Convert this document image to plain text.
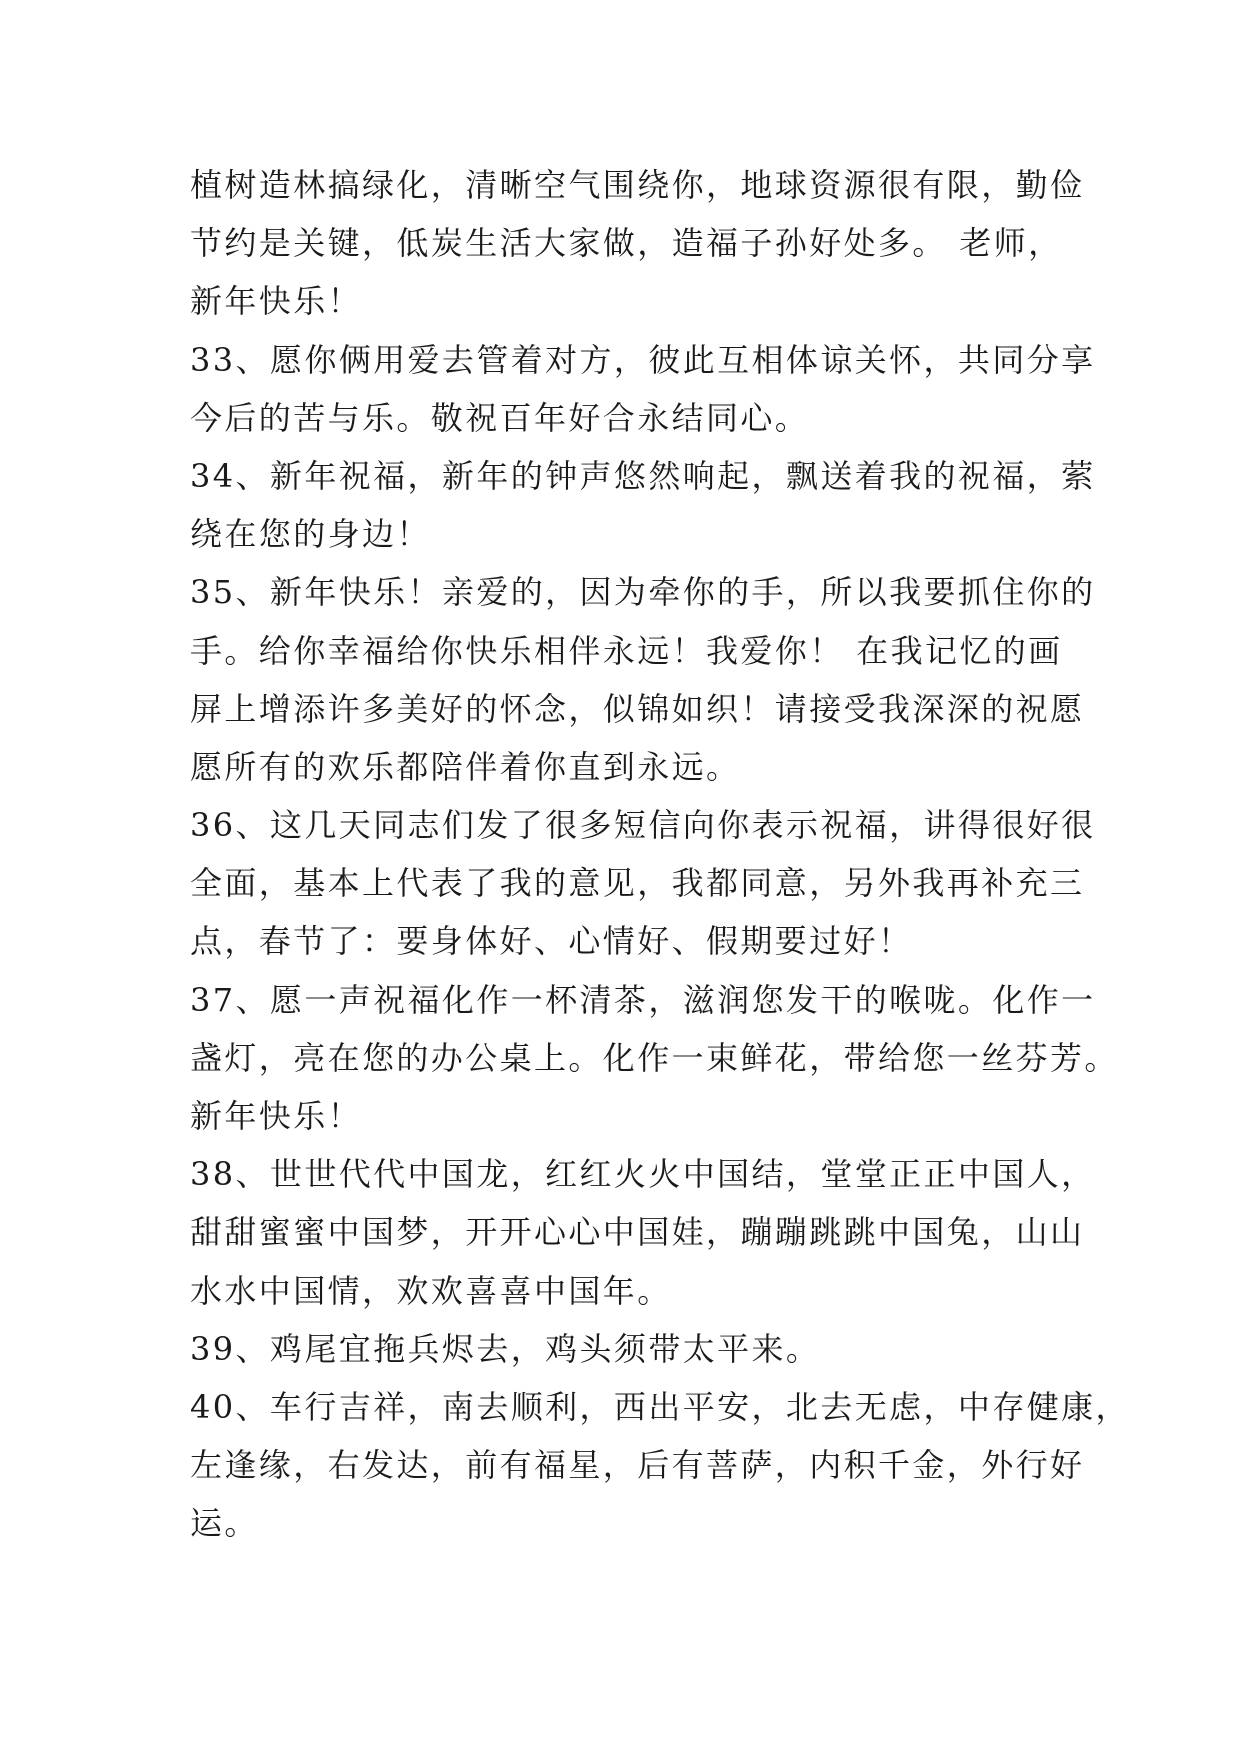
植树造林搞绿化，清晰空气围绕你，地球资源很有限，勤俭
节约是关键，低炭生活大家做，造福子孙好处多。 老师，
新年快乐！
33、愿你俩用爱去管着对方，彼此互相体谅关怀，共同分享
今后的苦与乐。敬祝百年好合永结同心。
34、新年祝福，新年的钟声悠然响起，飘送着我的祝福，萦
绕在您的身边！
35、新年快乐！亲爱的，因为牵你的手，所以我要抓住你的
手。给你幸福给你快乐相伴永远！我爱你！ 在我记忆的画
屏上增添许多美好的怀念，似锦如织！请接受我深深的祝愿
愿所有的欢乐都陪伴着你直到永远。
36、这几天同志们发了很多短信向你表示祝福，讲得很好很
全面，基本上代表了我的意见，我都同意，另外我再补充三
点，春节了：要身体好、心情好、假期要过好！
37、愿一声祝福化作一杯清茶，滋润您发干的喉咙。化作一
盏灯，亮在您的办公桌上。化作一束鲜花，带给您一丝芬芳。
新年快乐！
38、世世代代中国龙，红红火火中国结，堂堂正正中国人，
甜甜蜜蜜中国梦，开开心心中国娃，蹦蹦跳跳中国兔，山山
水水中国情，欢欢喜喜中国年。
39、鸡尾宜拖兵烬去，鸡头须带太平来。
40、车行吉祥，南去顺利，西出平安，北去无虑，中存健康，
左逢缘，右发达，前有福星，后有菩萨，内积千金，外行好
运。
